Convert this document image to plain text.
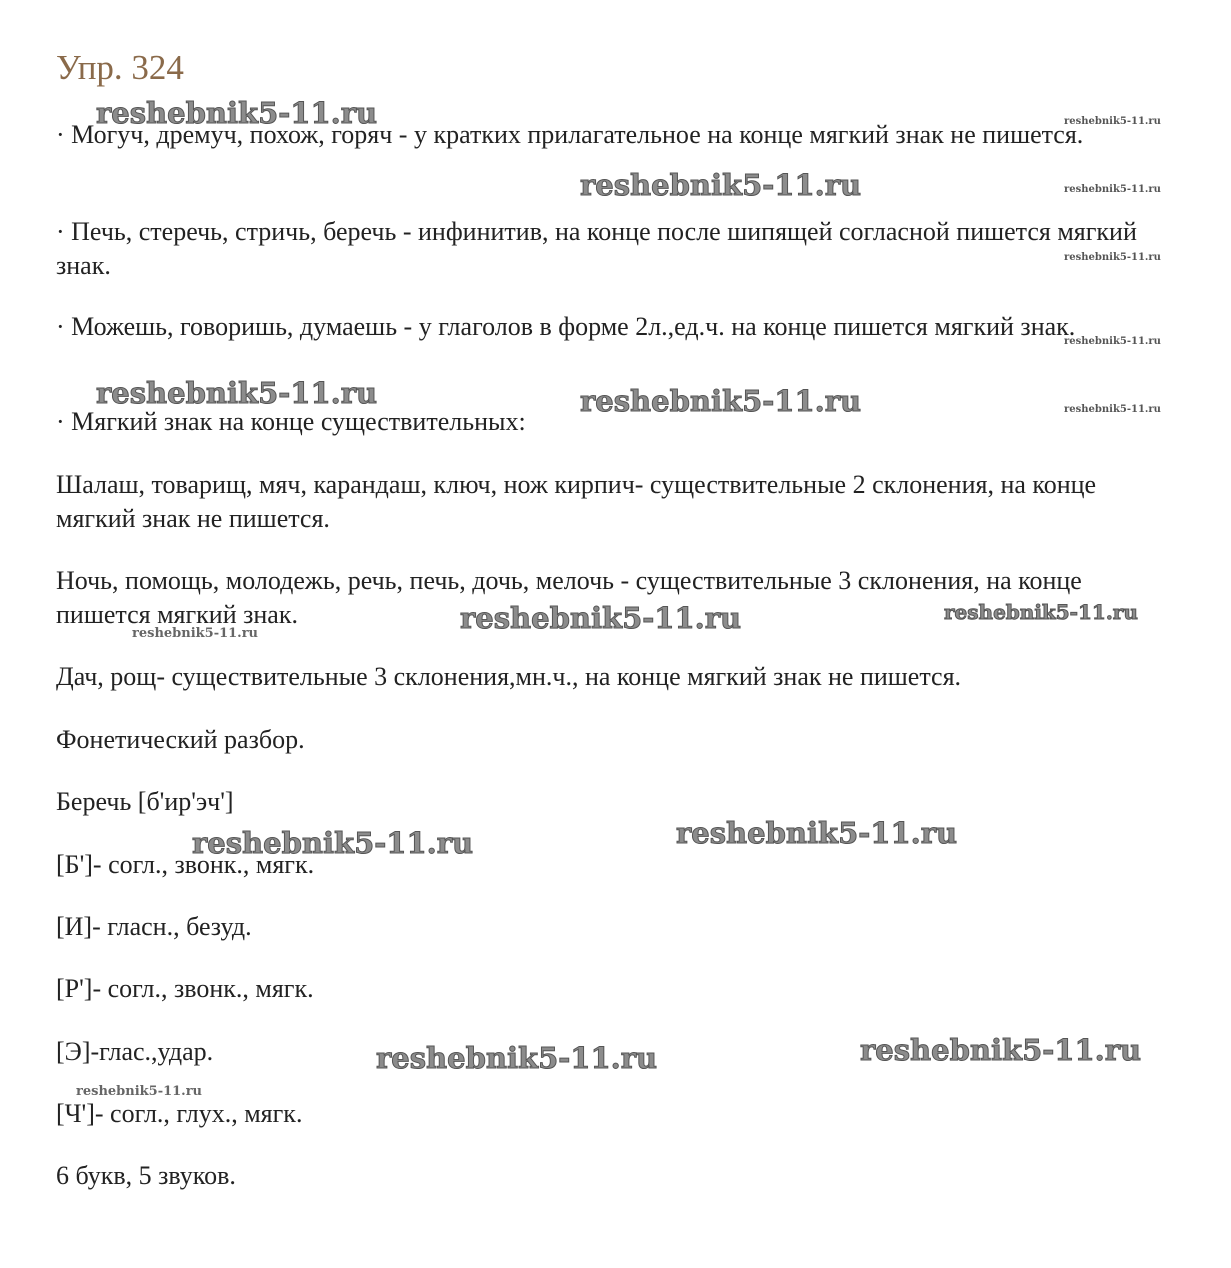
Упр. 324

· Могуч, дремуч, похож, горяч - у кратких прилагательное на конце мягкий знак не пишется.

· Печь, стеречь, стричь, беречь - инфинитив, на конце после шипящей согласной пишется мягкий знак.

· Можешь, говоришь, думаешь - у глаголов в форме 2л.,ед.ч. на конце пишется мягкий знак.

· Мягкий знак на конце существительных:

Шалаш, товарищ, мяч, карандаш, ключ, нож кирпич- существительные 2 склонения, на конце мягкий знак не пишется.

Ночь, помощь, молодежь, речь, печь, дочь, мелочь - существительные 3 склонения, на конце пишется мягкий знак.

Дач, рощ- существительные 3 склонения,мн.ч., на конце мягкий знак не пишется.

Фонетический разбор.

Беречь [б'ир'эч']

[Б']- согл., звонк., мягк.

[И]- гласн., безуд.

[Р']- согл., звонк., мягк.

[Э]-глас.,удар.

[Ч']- согл., глух., мягк.

6 букв, 5 звуков.

reshebnik5-11.ru
reshebnik5-11.ru
reshebnik5-11.ru	reshebnik5-11.ru
reshebnik5-11.ru	reshebnik5-11.ru
reshebnik5-11.ru	reshebnik5-11.ru
reshebnik5-11.ru	reshebnik5-11.ru
reshebnik5-11.ru
reshebnik5-11.ru
reshebnik5-11.ru
reshebnik5-11.ru
reshebnik5-11.ru
reshebnik5-11.ru
reshebnik5-11.ru
